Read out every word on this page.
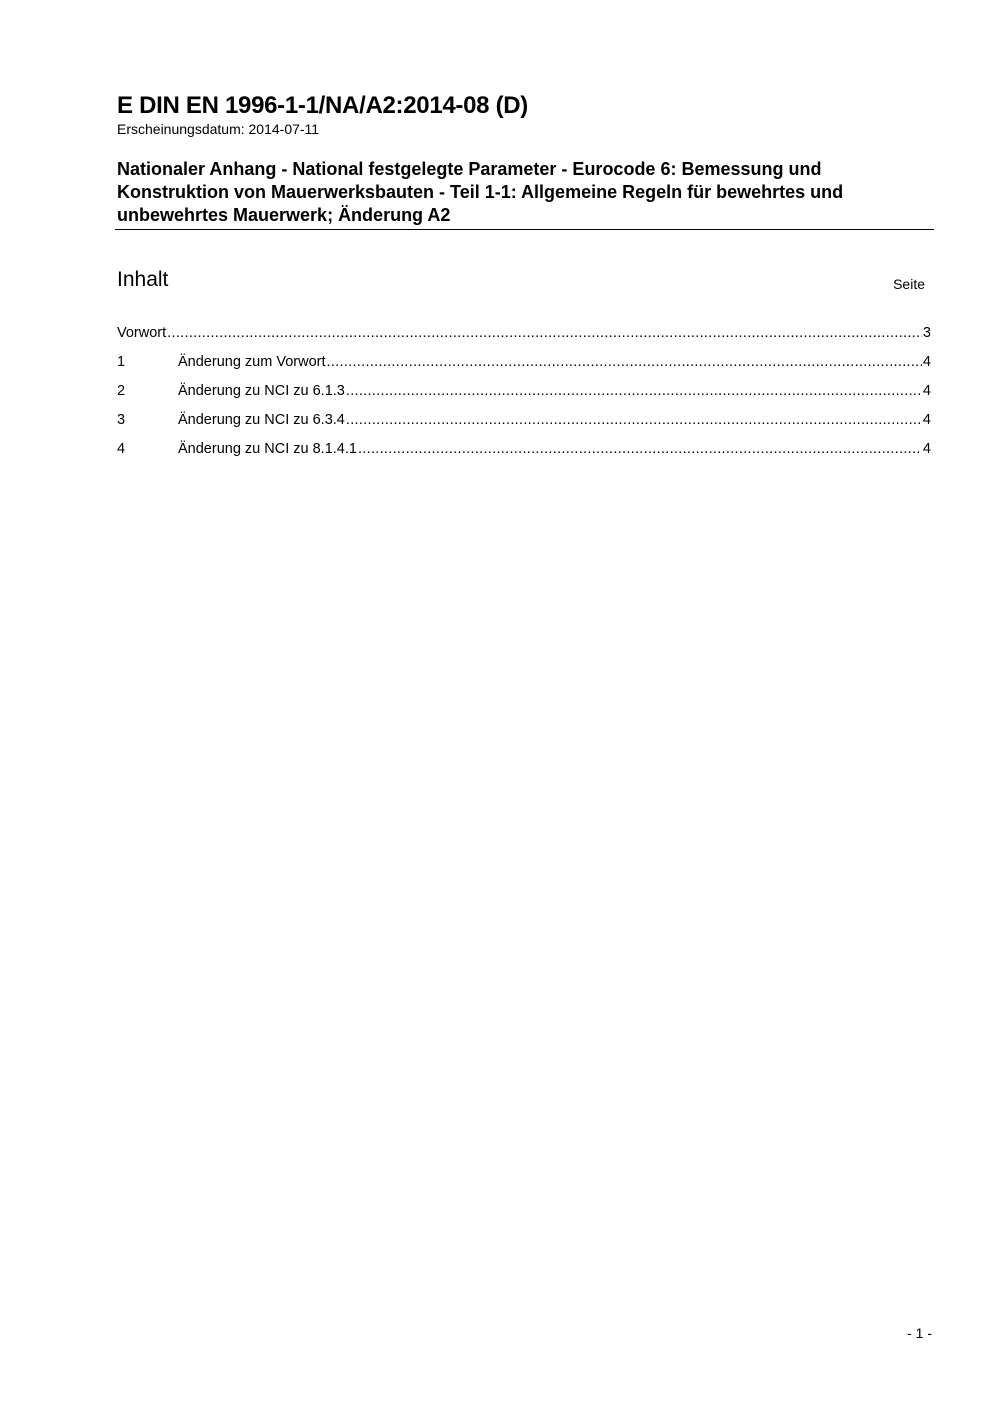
E DIN EN 1996-1-1/NA/A2:2014-08 (D)
Erscheinungsdatum: 2014-07-11
Nationaler Anhang - National festgelegte Parameter - Eurocode 6: Bemessung und Konstruktion von Mauerwerksbauten - Teil 1-1: Allgemeine Regeln für bewehrtes und unbewehrtes Mauerwerk; Änderung A2
Inhalt	Seite
Vorwort .....	3
1	Änderung zum Vorwort .....	4
2	Änderung zu NCI zu 6.1.3 .....	4
3	Änderung zu NCI zu 6.3.4 .....	4
4	Änderung zu NCI zu 8.1.4.1 .....	4
- 1 -
